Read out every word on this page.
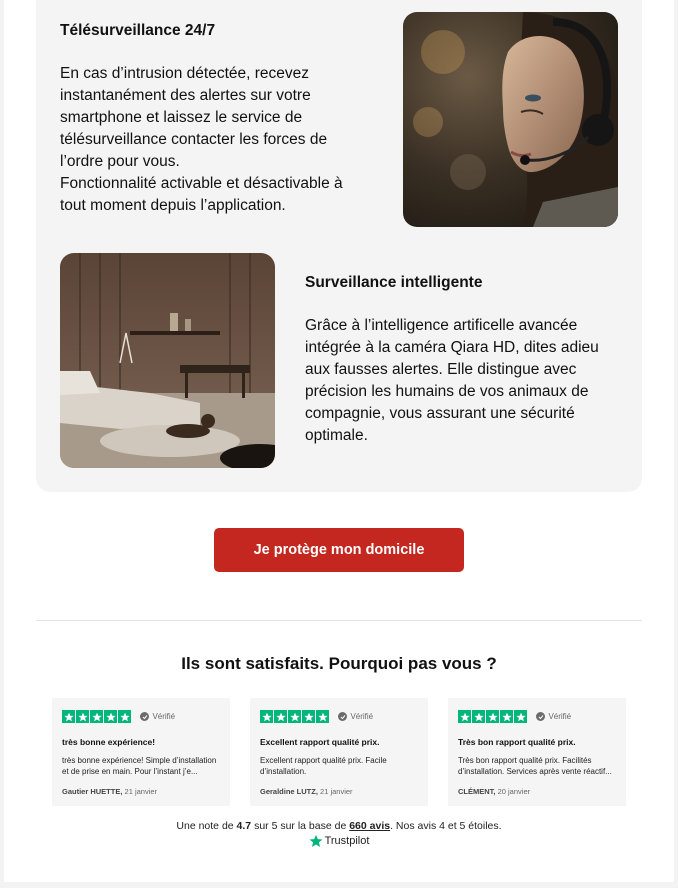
Télésurveillance 24/7
En cas d’intrusion détectée, recevez
instantanément des alertes sur votre
smartphone et laissez le service de
télésurveillance contacter les forces de
l’ordre pour vous.
Fonctionnalité activable et désactivable à
tout moment depuis l’application.
Surveillance intelligente
Grâce à l’intelligence artificelle avancée
intégrée à la caméra Qiara HD, dites adieu
aux fausses alertes. Elle distingue avec
précision les humains de vos animaux de
compagnie, vous assurant une sécurité
optimale.
Je protège mon domicile
Ils sont satisfaits. Pourquoi pas vous ?

Vérifié
très bonne expérience!
très bonne expérience! Simple d’installation et de prise en main. Pour l’instant j’e...
Gautier HUETTE, 21 janvier

Vérifié
Excellent rapport qualité prix.
Excellent rapport qualité prix. Facile d’installation.
Geraldine LUTZ, 21 janvier

Vérifié
Très bon rapport qualité prix.
Très bon rapport qualité prix. Facilités d’installation. Services après vente réactif...
CLÉMENT, 20 janvier
Une note de 4.7 sur 5 sur la base de 660 avis. Nos avis 4 et 5 étoiles.
Trustpilot
